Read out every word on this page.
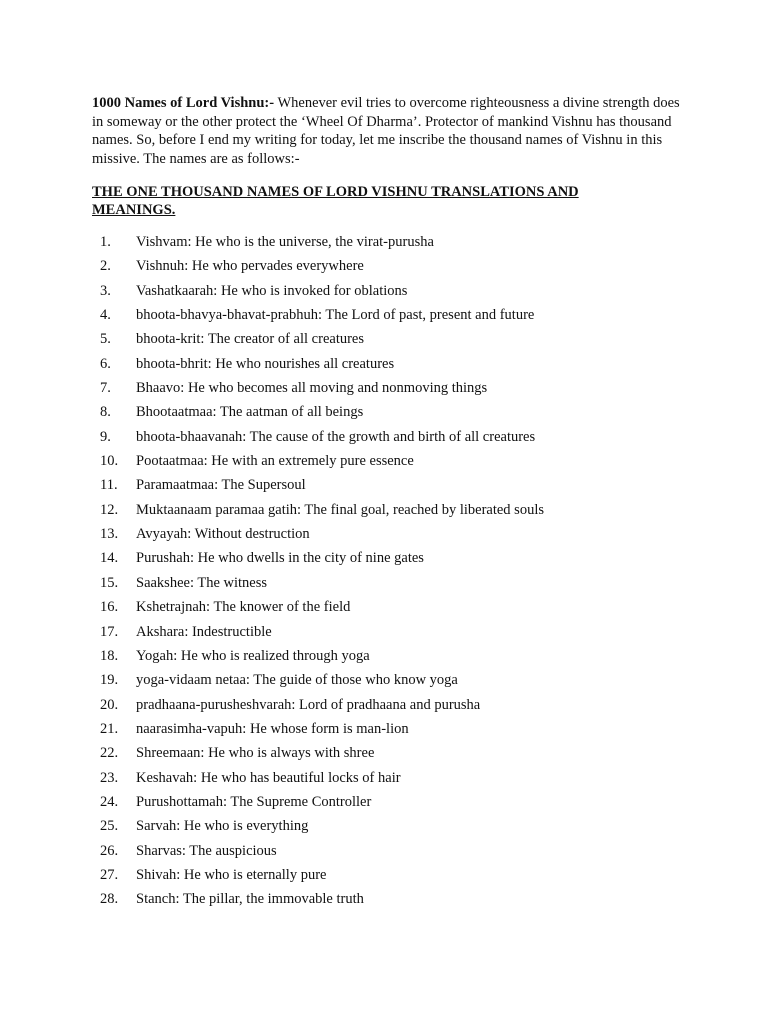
1000 Names of Lord Vishnu:- Whenever evil tries to overcome righteousness a divine strength does in someway or the other protect the ‘Wheel Of Dharma’. Protector of mankind Vishnu has thousand names. So, before I end my writing for today, let me inscribe the thousand names of Vishnu in this missive. The names are as follows:-

THE ONE THOUSAND NAMES OF LORD VISHNU TRANSLATIONS AND MEANINGS.

1.	Vishvam: He who is the universe, the virat-purusha
2.	Vishnuh: He who pervades everywhere
3.	Vashatkaarah: He who is invoked for oblations
4.	bhoota-bhavya-bhavat-prabhuh: The Lord of past, present and future
5.	bhoota-krit: The creator of all creatures
6.	bhoota-bhrit: He who nourishes all creatures
7.	Bhaavo: He who becomes all moving and nonmoving things
8.	Bhootaatmaa: The aatman of all beings
9.	bhoota-bhaavanah: The cause of the growth and birth of all creatures
10.	Pootaatmaa: He with an extremely pure essence
11.	Paramaatmaa: The Supersoul
12.	Muktaanaam paramaa gatih: The final goal, reached by liberated souls
13.	Avyayah: Without destruction
14.	Purushah: He who dwells in the city of nine gates
15.	Saakshee: The witness
16.	Kshetrajnah: The knower of the field
17.	Akshara: Indestructible
18.	Yogah: He who is realized through yoga
19.	yoga-vidaam netaa: The guide of those who know yoga
20.	pradhaana-purusheshvarah: Lord of pradhaana and purusha
21.	naarasimha-vapuh: He whose form is man-lion
22.	Shreemaan: He who is always with shree
23.	Keshavah: He who has beautiful locks of hair
24.	Purushottamah: The Supreme Controller
25.	Sarvah: He who is everything
26.	Sharvas: The auspicious
27.	Shivah: He who is eternally pure
28.	Stanch: The pillar, the immovable truth
